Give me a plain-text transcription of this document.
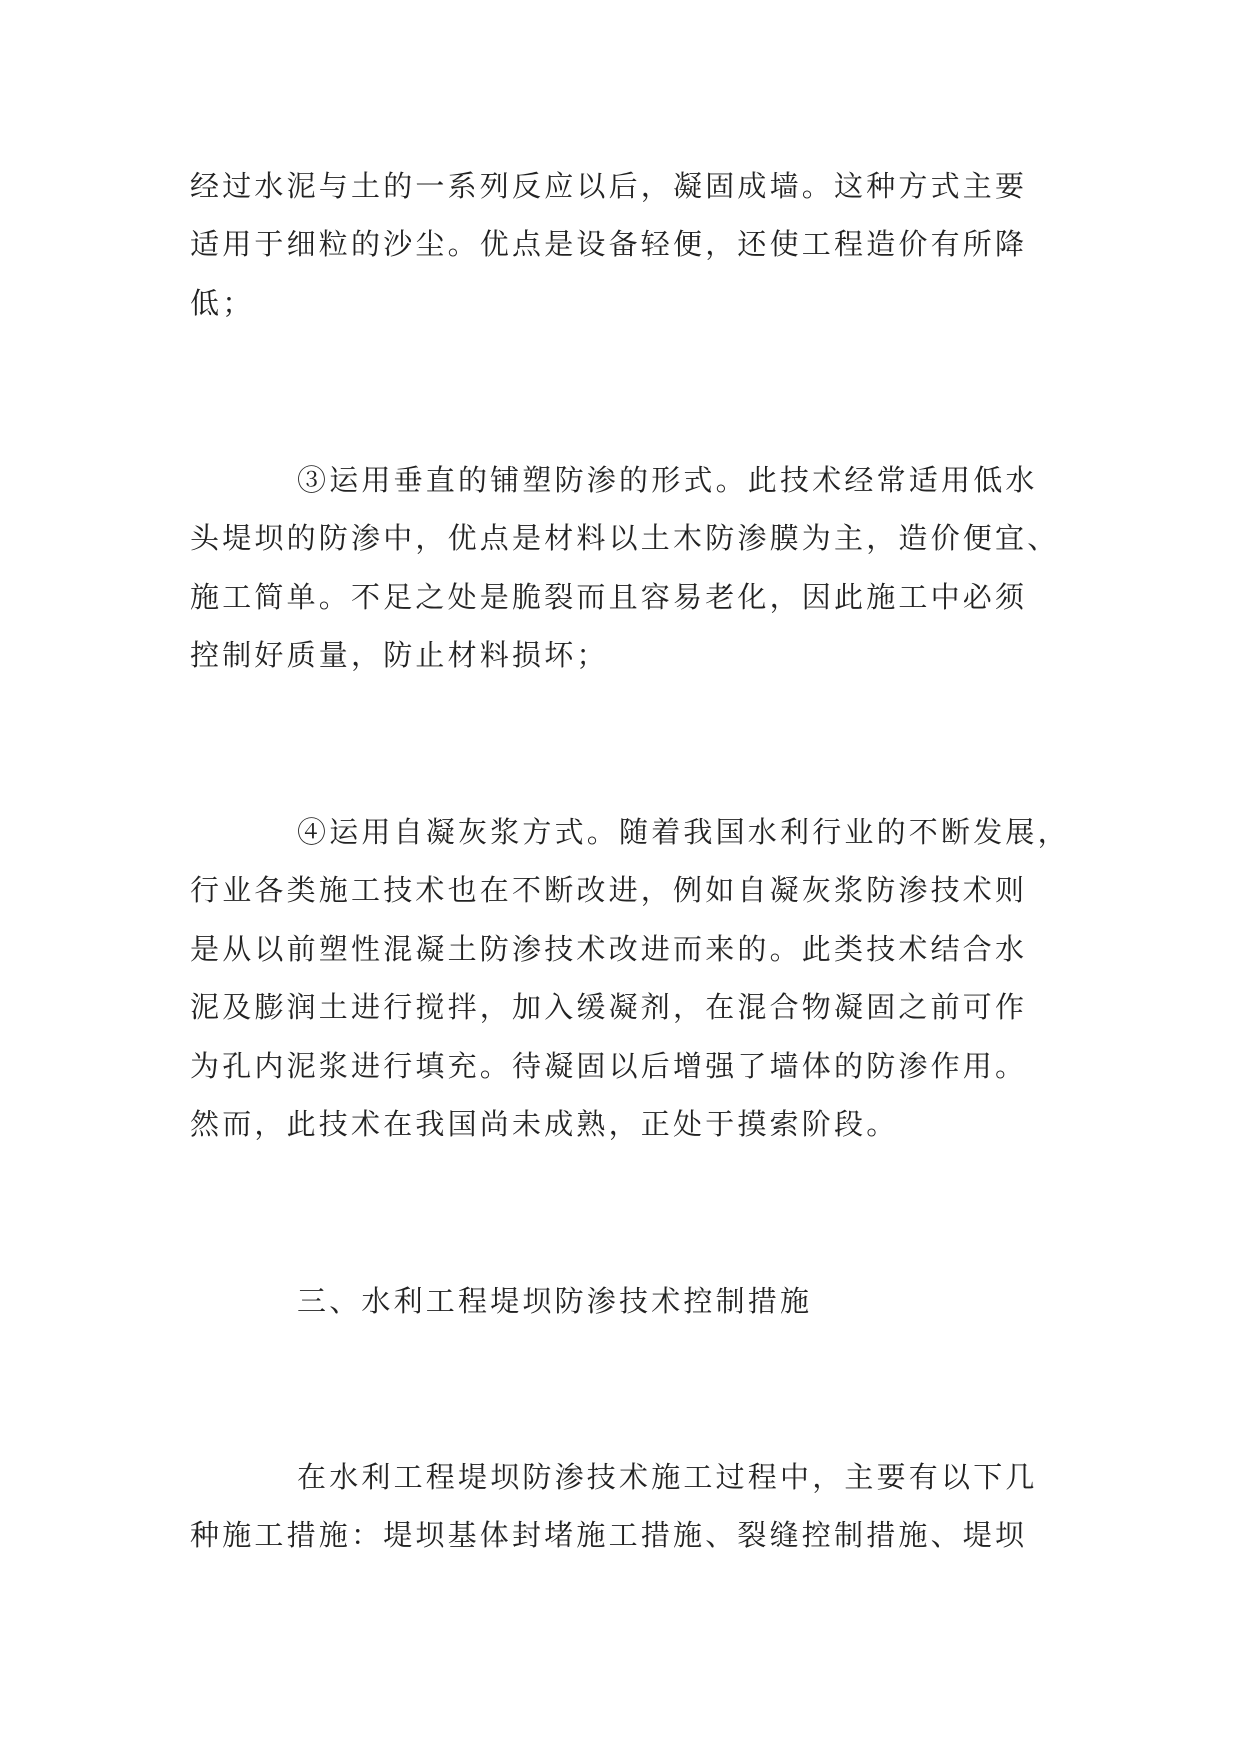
经过水泥与土的一系列反应以后，凝固成墙。这种方式主要
适用于细粒的沙尘。优点是设备轻便，还使工程造价有所降
低；
③运用垂直的铺塑防渗的形式。此技术经常适用低水
头堤坝的防渗中，优点是材料以土木防渗膜为主，造价便宜、
施工简单。不足之处是脆裂而且容易老化，因此施工中必须
控制好质量，防止材料损坏；
④运用自凝灰浆方式。随着我国水利行业的不断发展，
行业各类施工技术也在不断改进，例如自凝灰浆防渗技术则
是从以前塑性混凝土防渗技术改进而来的。此类技术结合水
泥及膨润土进行搅拌，加入缓凝剂，在混合物凝固之前可作
为孔内泥浆进行填充。待凝固以后增强了墙体的防渗作用。
然而，此技术在我国尚未成熟，正处于摸索阶段。
三、水利工程堤坝防渗技术控制措施
在水利工程堤坝防渗技术施工过程中，主要有以下几
种施工措施：堤坝基体封堵施工措施、裂缝控制措施、堤坝
